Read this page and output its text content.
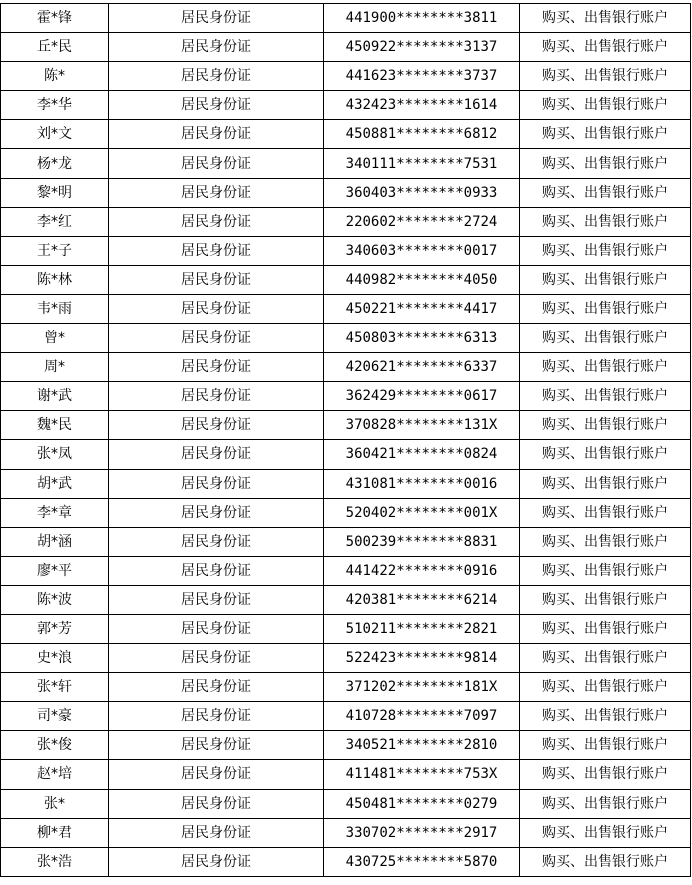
霍*锋	居民身份证	441900********3811	购买、出售银行账户
丘*民	居民身份证	450922********3137	购买、出售银行账户
陈*	居民身份证	441623********3737	购买、出售银行账户
李*华	居民身份证	432423********1614	购买、出售银行账户
刘*文	居民身份证	450881********6812	购买、出售银行账户
杨*龙	居民身份证	340111********7531	购买、出售银行账户
黎*明	居民身份证	360403********0933	购买、出售银行账户
李*红	居民身份证	220602********2724	购买、出售银行账户
王*子	居民身份证	340603********0017	购买、出售银行账户
陈*林	居民身份证	440982********4050	购买、出售银行账户
韦*雨	居民身份证	450221********4417	购买、出售银行账户
曾*	居民身份证	450803********6313	购买、出售银行账户
周*	居民身份证	420621********6337	购买、出售银行账户
谢*武	居民身份证	362429********0617	购买、出售银行账户
魏*民	居民身份证	370828********131X	购买、出售银行账户
张*凤	居民身份证	360421********0824	购买、出售银行账户
胡*武	居民身份证	431081********0016	购买、出售银行账户
李*章	居民身份证	520402********001X	购买、出售银行账户
胡*涵	居民身份证	500239********8831	购买、出售银行账户
廖*平	居民身份证	441422********0916	购买、出售银行账户
陈*波	居民身份证	420381********6214	购买、出售银行账户
郭*芳	居民身份证	510211********2821	购买、出售银行账户
史*浪	居民身份证	522423********9814	购买、出售银行账户
张*轩	居民身份证	371202********181X	购买、出售银行账户
司*豪	居民身份证	410728********7097	购买、出售银行账户
张*俊	居民身份证	340521********2810	购买、出售银行账户
赵*培	居民身份证	411481********753X	购买、出售银行账户
张*	居民身份证	450481********0279	购买、出售银行账户
柳*君	居民身份证	330702********2917	购买、出售银行账户
张*浩	居民身份证	430725********5870	购买、出售银行账户
